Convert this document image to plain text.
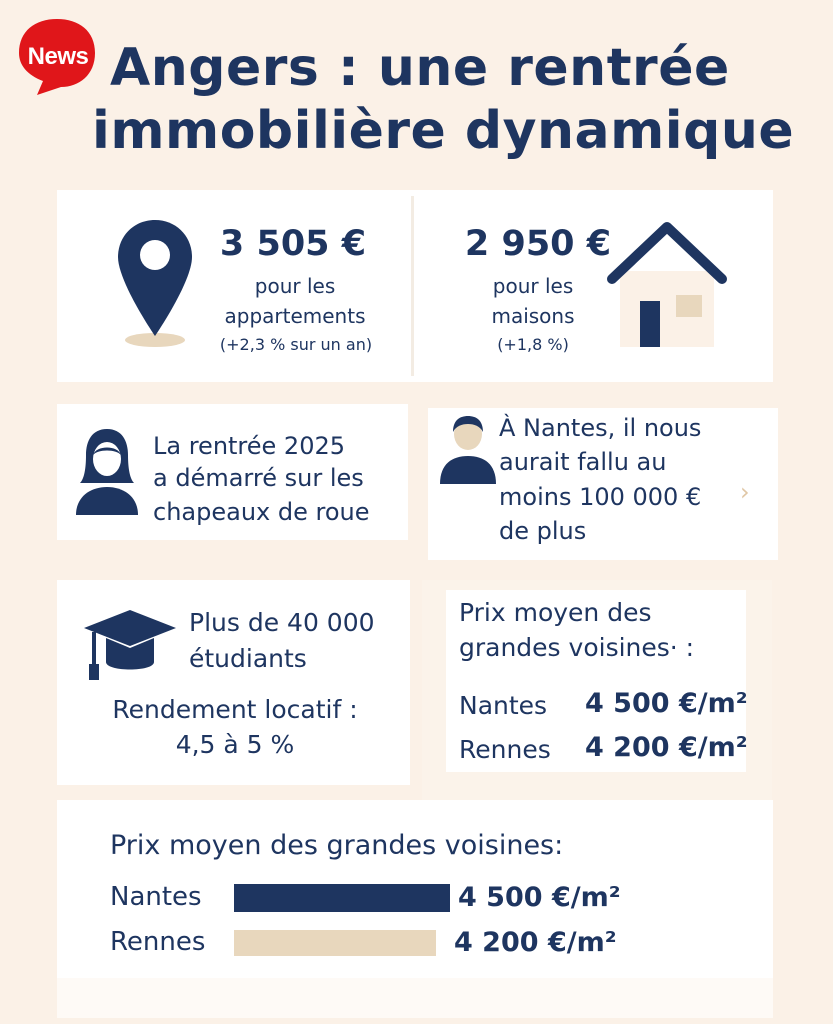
News Angers : une rentrée
immobilière dynamique
3 505 €
pour les
appartements
(+2,3 % sur un an)
2 950 €
pour les
maisons
(+1,8 %)
La rentrée 2025
a démarré sur les
chapeaux de roue
À Nantes, il nous
aurait fallu au
moins 100 000 €
de plus
›
Plus de 40 000
étudiants
Rendement locatif :
4,5 à 5 %
Prix moyen des
grandes voisines· :
Nantes	4 500 €/m²
Rennes	4 200 €/m²
Prix moyen des grandes voisines:
Nantes
Rennes
4 500 €/m²
4 200 €/m²
